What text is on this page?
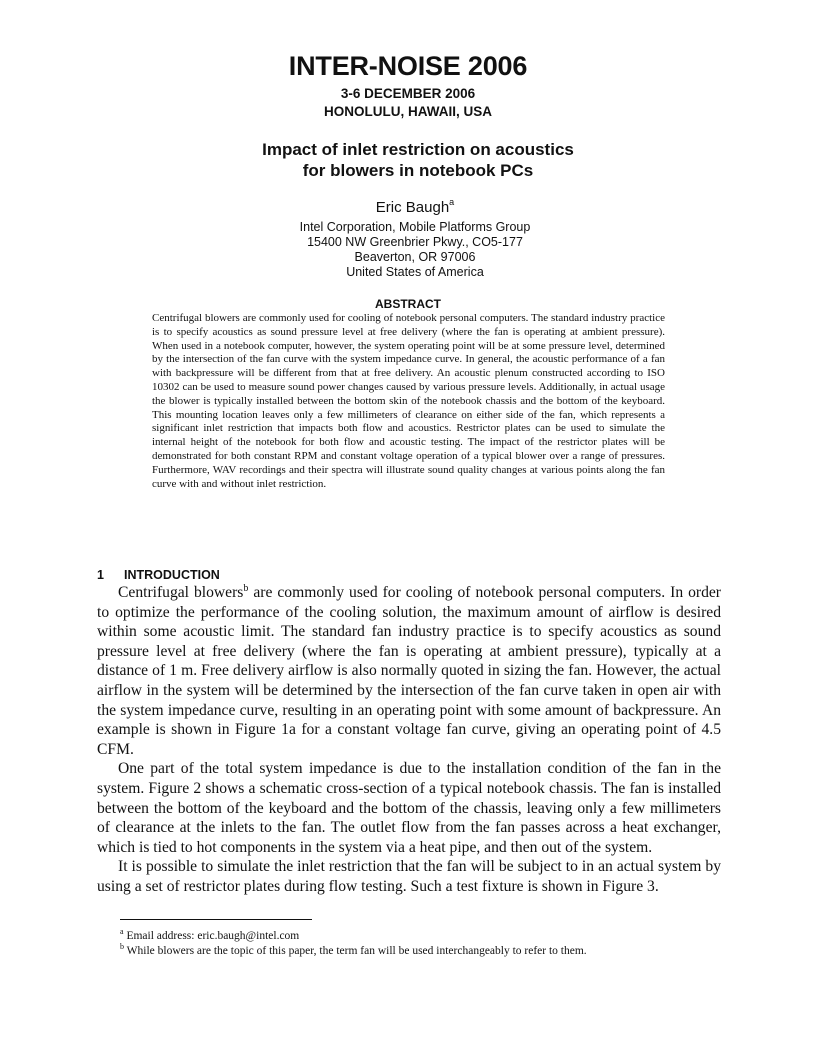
INTER-NOISE 2006
3-6 DECEMBER 2006
HONOLULU, HAWAII, USA
Impact of inlet restriction on acoustics
for blowers in notebook PCs
Eric Baugh$^a$
Intel Corporation, Mobile Platforms Group
15400 NW Greenbrier Pkwy., CO5-177
Beaverton, OR 97006
United States of America
ABSTRACT

Centrifugal blowers are commonly used for cooling of notebook personal computers. The standard industry practice is to specify acoustics as sound pressure level at free delivery (where the fan is operating at ambient pressure). When used in a notebook computer, however, the system operating point will be at some pressure level, determined by the intersection of the fan curve with the system impedance curve. In general, the acoustic performance of a fan with backpressure will be different from that at free delivery. An acoustic plenum constructed according to ISO 10302 can be used to measure sound power changes caused by various pressure levels. Additionally, in actual usage the blower is typically installed between the bottom skin of the notebook chassis and the bottom of the keyboard. This mounting location leaves only a few millimeters of clearance on either side of the fan, which represents a significant inlet restriction that impacts both flow and acoustics. Restrictor plates can be used to simulate the internal height of the notebook for both flow and acoustic testing. The impact of the restrictor plates will be demonstrated for both constant RPM and constant voltage operation of a typical blower over a range of pressures. Furthermore, WAV recordings and their spectra will illustrate sound quality changes at various points along the fan curve with and without inlet restriction.

1 INTRODUCTION

Centrifugal blowers$^b$ are commonly used for cooling of notebook personal computers. In order to optimize the performance of the cooling solution, the maximum amount of airflow is desired within some acoustic limit. The standard fan industry practice is to specify acoustics as sound pressure level at free delivery (where the fan is operating at ambient pressure), typically at a distance of 1 m. Free delivery airflow is also normally quoted in sizing the fan. However, the actual airflow in the system will be determined by the intersection of the fan curve taken in open air with the system impedance curve, resulting in an operating point with some amount of backpressure. An example is shown in Figure 1a for a constant voltage fan curve, giving an operating point of 4.5 CFM.

One part of the total system impedance is due to the installation condition of the fan in the system. Figure 2 shows a schematic cross-section of a typical notebook chassis. The fan is installed between the bottom of the keyboard and the bottom of the chassis, leaving only a few millimeters of clearance at the inlets to the fan. The outlet flow from the fan passes across a heat exchanger, which is tied to hot components in the system via a heat pipe, and then out of the system.

It is possible to simulate the inlet restriction that the fan will be subject to in an actual system by using a set of restrictor plates during flow testing. Such a test fixture is shown in Figure 3.

$^a$ Email address: eric.baugh@intel.com

$^b$ While blowers are the topic of this paper, the term fan will be used interchangeably to refer to them.
